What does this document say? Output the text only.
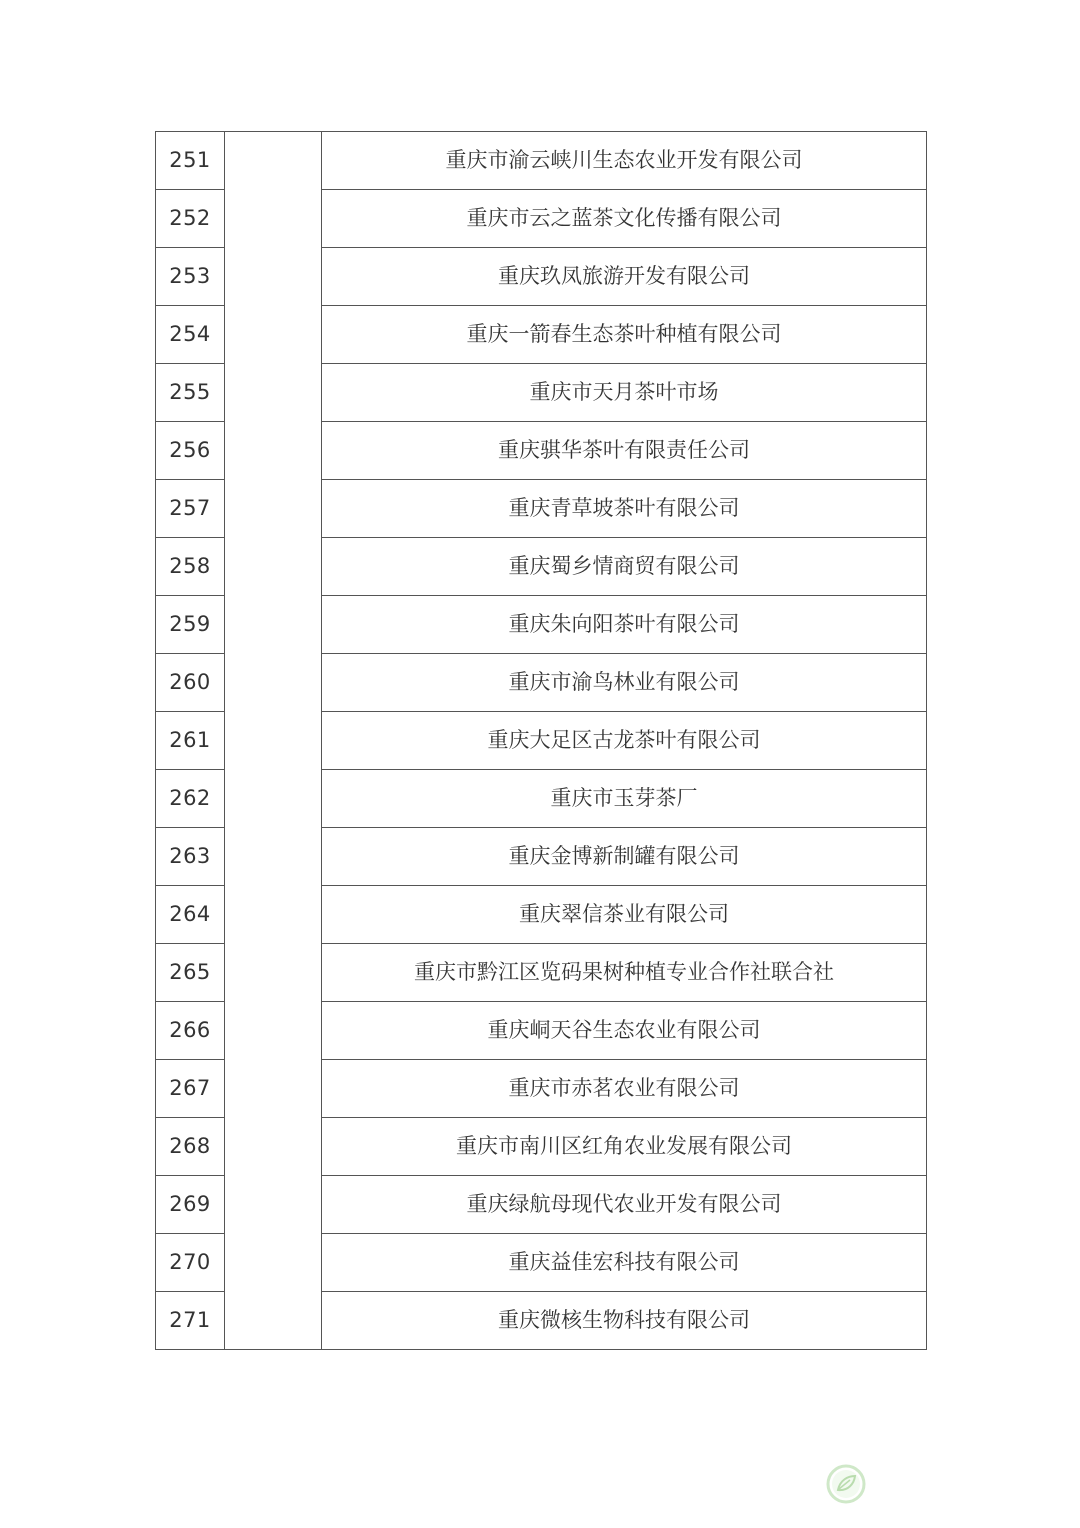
251		重庆市渝云峡川生态农业开发有限公司
252		重庆市云之蓝茶文化传播有限公司
253		重庆玖凤旅游开发有限公司
254		重庆一箭春生态茶叶种植有限公司
255		重庆市天月茶叶市场
256		重庆骐华茶叶有限责任公司
257		重庆青草坡茶叶有限公司
258		重庆蜀乡情商贸有限公司
259		重庆朱向阳茶叶有限公司
260		重庆市渝鸟林业有限公司
261		重庆大足区古龙茶叶有限公司
262		重庆市玉芽茶厂
263		重庆金博新制罐有限公司
264		重庆翠信茶业有限公司
265		重庆市黔江区览码果树种植专业合作社联合社
266		重庆峒天谷生态农业有限公司
267		重庆市赤茗农业有限公司
268		重庆市南川区红角农业发展有限公司
269		重庆绿航母现代农业开发有限公司
270		重庆益佳宏科技有限公司
271		重庆微核生物科技有限公司
